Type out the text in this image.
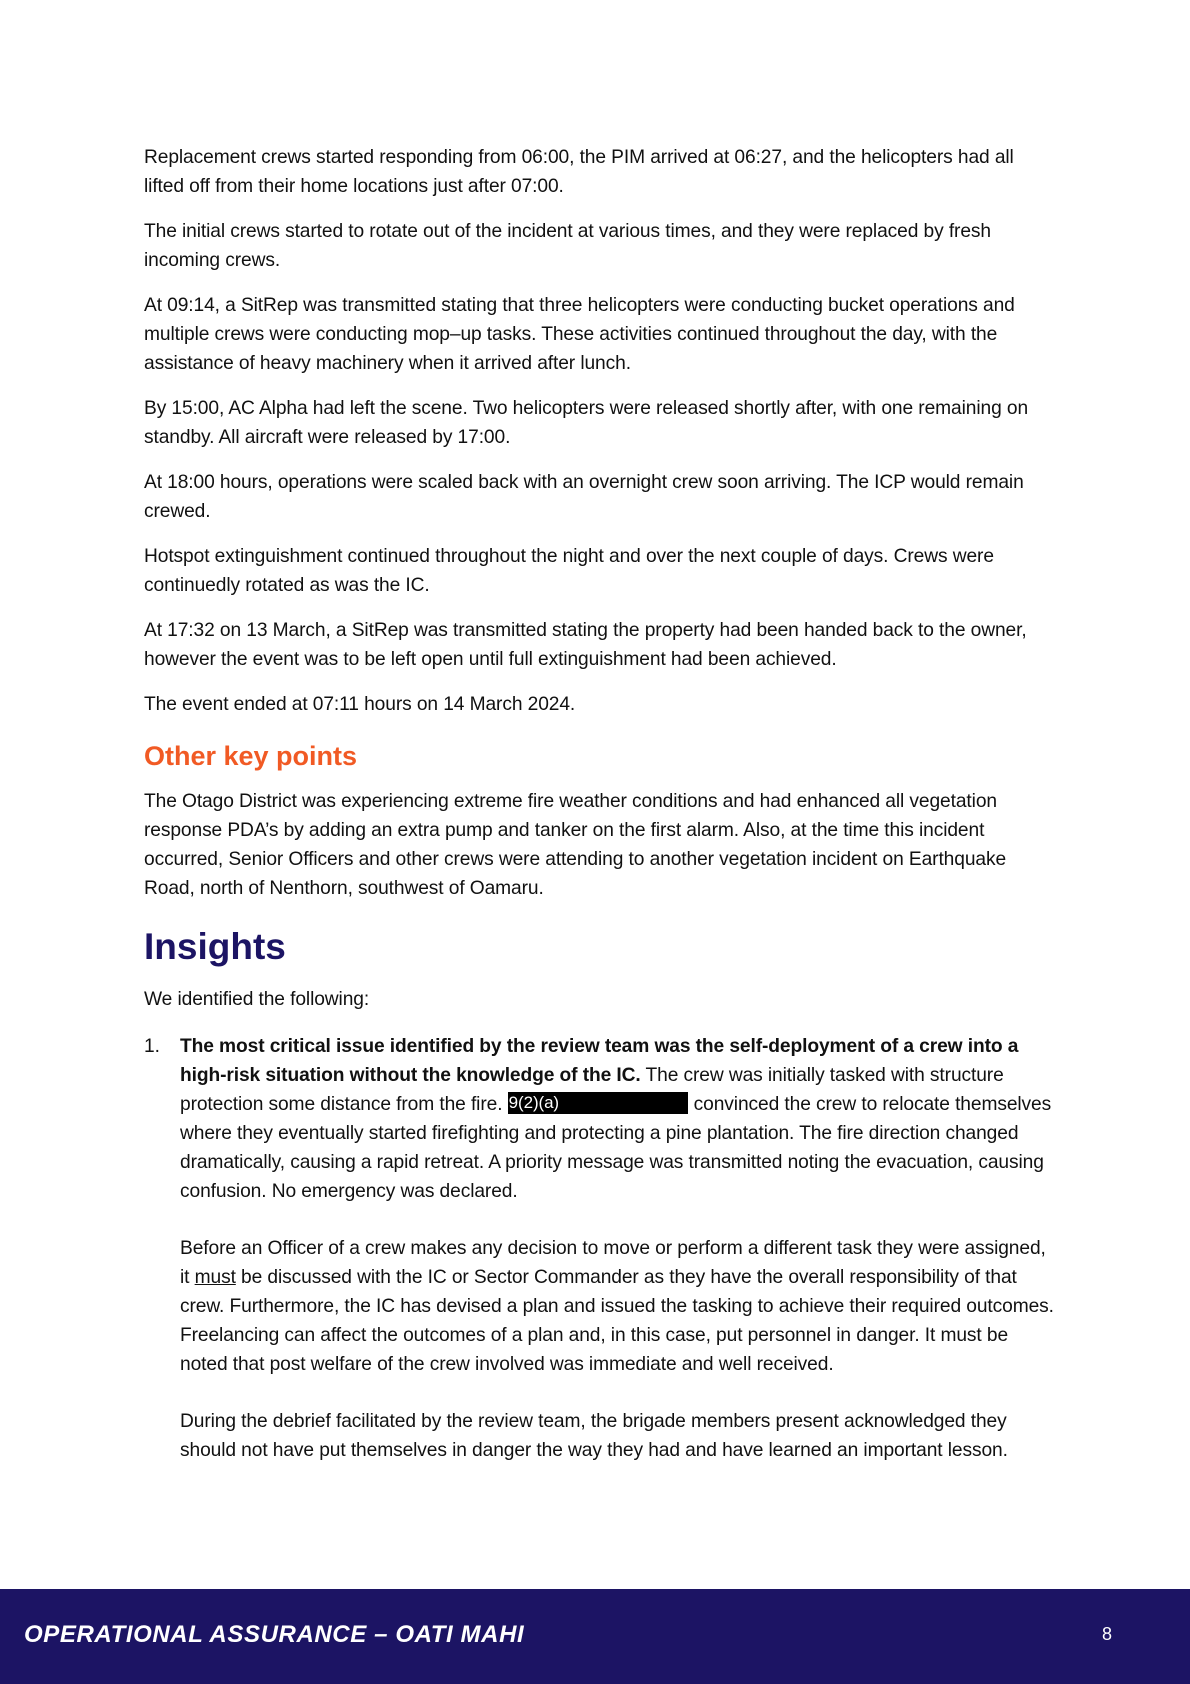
Replacement crews started responding from 06:00, the PIM arrived at 06:27, and the helicopters had all lifted off from their home locations just after 07:00.

The initial crews started to rotate out of the incident at various times, and they were replaced by fresh incoming crews.

At 09:14, a SitRep was transmitted stating that three helicopters were conducting bucket operations and multiple crews were conducting mop–up tasks. These activities continued throughout the day, with the assistance of heavy machinery when it arrived after lunch.

By 15:00, AC Alpha had left the scene. Two helicopters were released shortly after, with one remaining on standby. All aircraft were released by 17:00.

At 18:00 hours, operations were scaled back with an overnight crew soon arriving. The ICP would remain crewed.

Hotspot extinguishment continued throughout the night and over the next couple of days. Crews were continuedly rotated as was the IC.

At 17:32 on 13 March, a SitRep was transmitted stating the property had been handed back to the owner, however the event was to be left open until full extinguishment had been achieved.

The event ended at 07:11 hours on 14 March 2024.

Other key points

The Otago District was experiencing extreme fire weather conditions and had enhanced all vegetation response PDA’s by adding an extra pump and tanker on the first alarm. Also, at the time this incident occurred, Senior Officers and other crews were attending to another vegetation incident on Earthquake Road, north of Nenthorn, southwest of Oamaru.

Insights

We identified the following:

1. The most critical issue identified by the review team was the self-deployment of a crew into a high-risk situation without the knowledge of the IC. The crew was initially tasked with structure protection some distance from the fire. 9(2)(a)	convinced the crew to relocate themselves where they eventually started firefighting and protecting a pine plantation. The fire direction changed dramatically, causing a rapid retreat. A priority message was transmitted noting the evacuation, causing confusion. No emergency was declared.

Before an Officer of a crew makes any decision to move or perform a different task they were assigned, it must be discussed with the IC or Sector Commander as they have the overall responsibility of that crew. Furthermore, the IC has devised a plan and issued the tasking to achieve their required outcomes. Freelancing can affect the outcomes of a plan and, in this case, put personnel in danger. It must be noted that post welfare of the crew involved was immediate and well received.

During the debrief facilitated by the review team, the brigade members present acknowledged they should not have put themselves in danger the way they had and have learned an important lesson.

OPERATIONAL ASSURANCE – OATI MAHI	8
